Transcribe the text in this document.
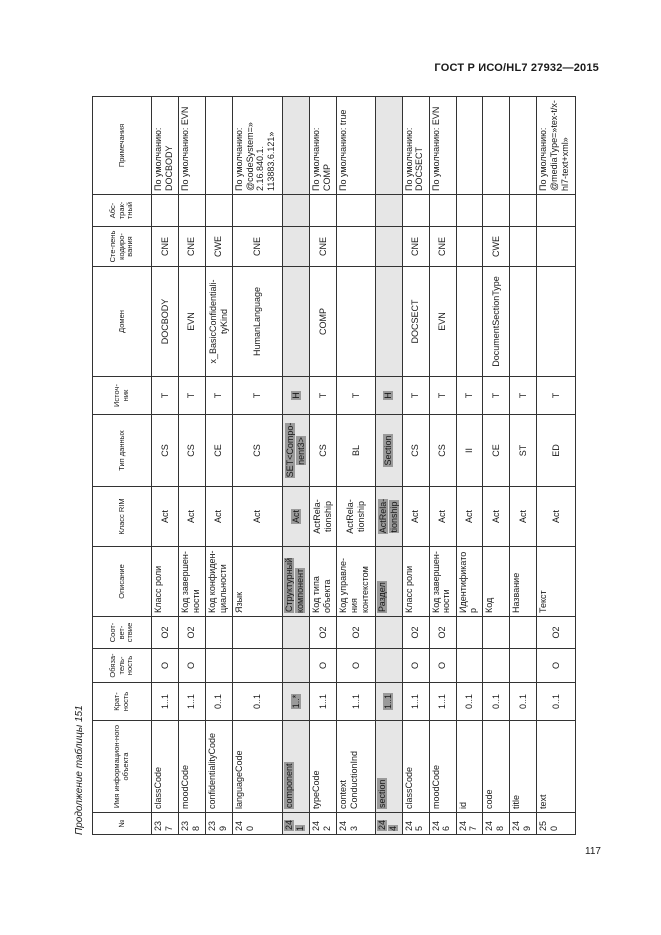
ГОСТ Р ИСО/HL7 27932—2015
Продолжение таблицы 151	№	Имя информацион-ного объекта	Крат-ность	Обяза-тель-ность	Соот-вет-ствие	Описание	Класс RIM	Тип данных	Источ-ник	Домен	Сте-пень кодиро-вания	Абс-трак-тный	Примечания
237	classCode	1..1	O	O2	Класс роли	Act	CS	T	DOCBODY	CNE		По умолчанию: DOCBODY
238	moodCode	1..1	O	O2	Код завершен-ности	Act	CS	T	EVN	CNE		По умолчанию: EVN
239	confidentialityCode	0..1			Код конфиден-циальности	Act	CE	T	x_BasicConfidentiali-tyKind	CWE		
240	languageCode	0..1			Язык	Act	CS	T	HumanLanguage	CNE		По умолчанию: @codeSystem=» 2.16.840.1. 113883.6.121»
241	component	1..*			Структурный компонент	Act	SET<Compo-nent3>	H				
242	typeCode	1..1	O	O2	Код типа объекта	ActRela-tionship	CS	T	COMP	CNE		По умолчанию: COMP
243	context ConductionInd	1..1	O	O2	Код управле-ния контекстом	ActRela-tionship	BL	T				По умолчанию: true
244	section	1..1			Раздел	ActRela-tionship	Section	H				
245	classCode	1..1	O	O2	Класс роли	Act	CS	T	DOCSECT	CNE		По умолчанию: DOCSECT
246	moodCode	1..1	O	O2	Код завершен-ности	Act	CS	T	EVN	CNE		По умолчанию: EVN
247	id	0..1			Идентификатор	Act	II	T				
248	code	0..1			Код	Act	CE	T	DocumentSectionType	CWE		
249	title	0..1			Название	Act	ST	T				
250	text	0..1	O	O2	Текст	Act	ED	T				По умолчанию: @mediaType=»tex-t/x-hl7-text+xml»
117
